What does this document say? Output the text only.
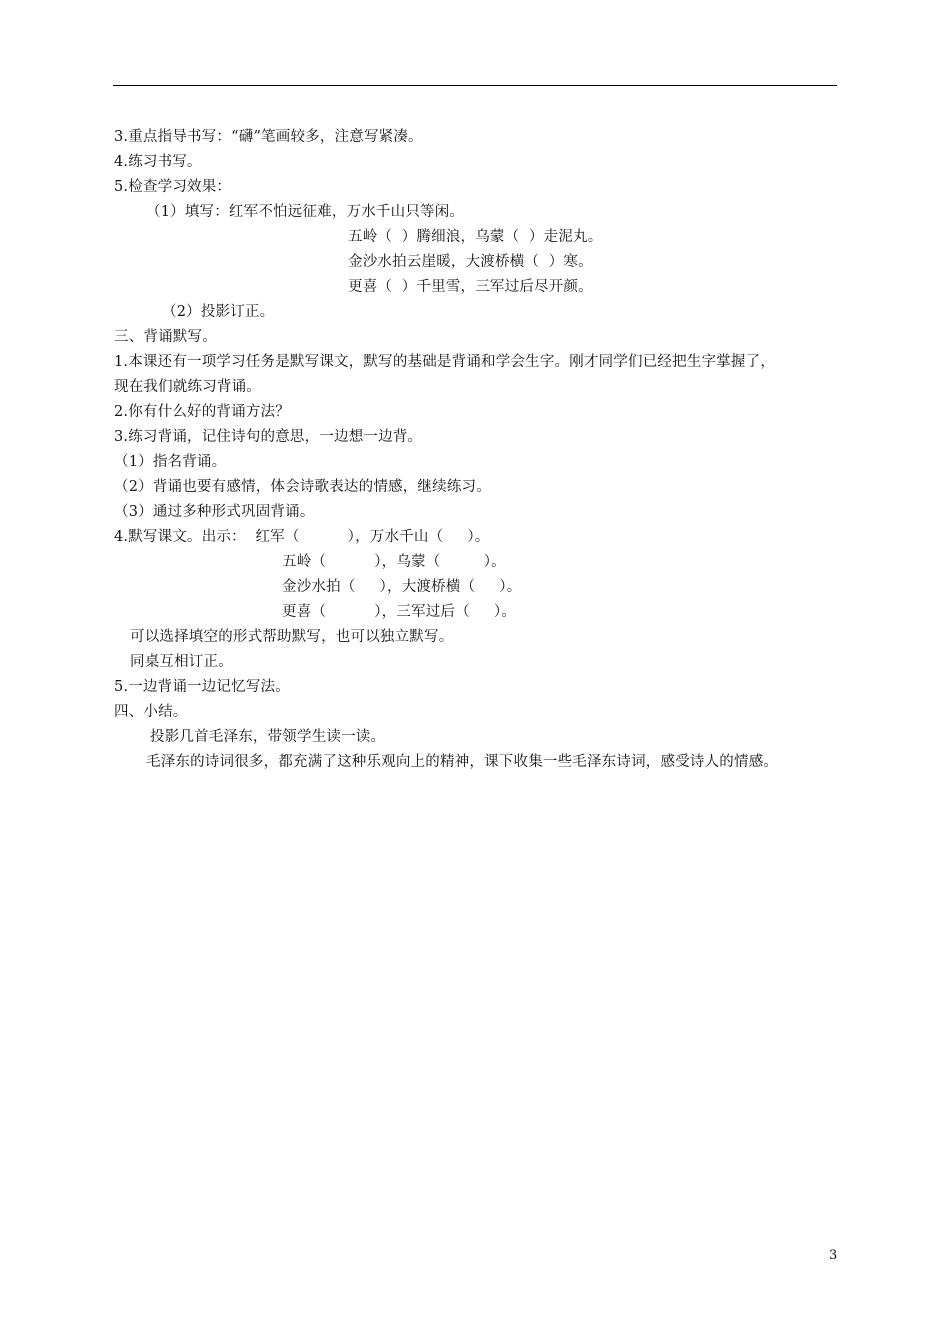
3.重点指导书写：“礴”笔画较多，注意写紧凑。
4.练习书写。
5.检查学习效果：
（1）填写：红军不怕远征难，万水千山只等闲。
五岭（  ）腾细浪，乌蒙（  ）走泥丸。
金沙水拍云崖暖，大渡桥横（  ）寒。
更喜（  ）千里雪，三军过后尽开颜。
（2）投影订正。
三、背诵默写。
1.本课还有一项学习任务是默写课文，默写的基础是背诵和学会生字。刚才同学们已经把生字掌握了，
现在我们就练习背诵。
2.你有什么好的背诵方法？
3.练习背诵，记住诗句的意思，一边想一边背。
（1）指名背诵。
（2）背诵也要有感情，体会诗歌表达的情感，继续练习。
（3）通过多种形式巩固背诵。
4.默写课文。出示：  红军（          ），万水千山（     ）。
五岭（          ），乌蒙（         ）。
金沙水拍（     ），大渡桥横（     ）。
更喜（          ），三军过后（     ）。
可以选择填空的形式帮助默写，也可以独立默写。
同桌互相订正。
5.一边背诵一边记忆写法。
四、小结。
投影几首毛泽东，带领学生读一读。
毛泽东的诗词很多，都充满了这种乐观向上的精神，课下收集一些毛泽东诗词，感受诗人的情感。
3
